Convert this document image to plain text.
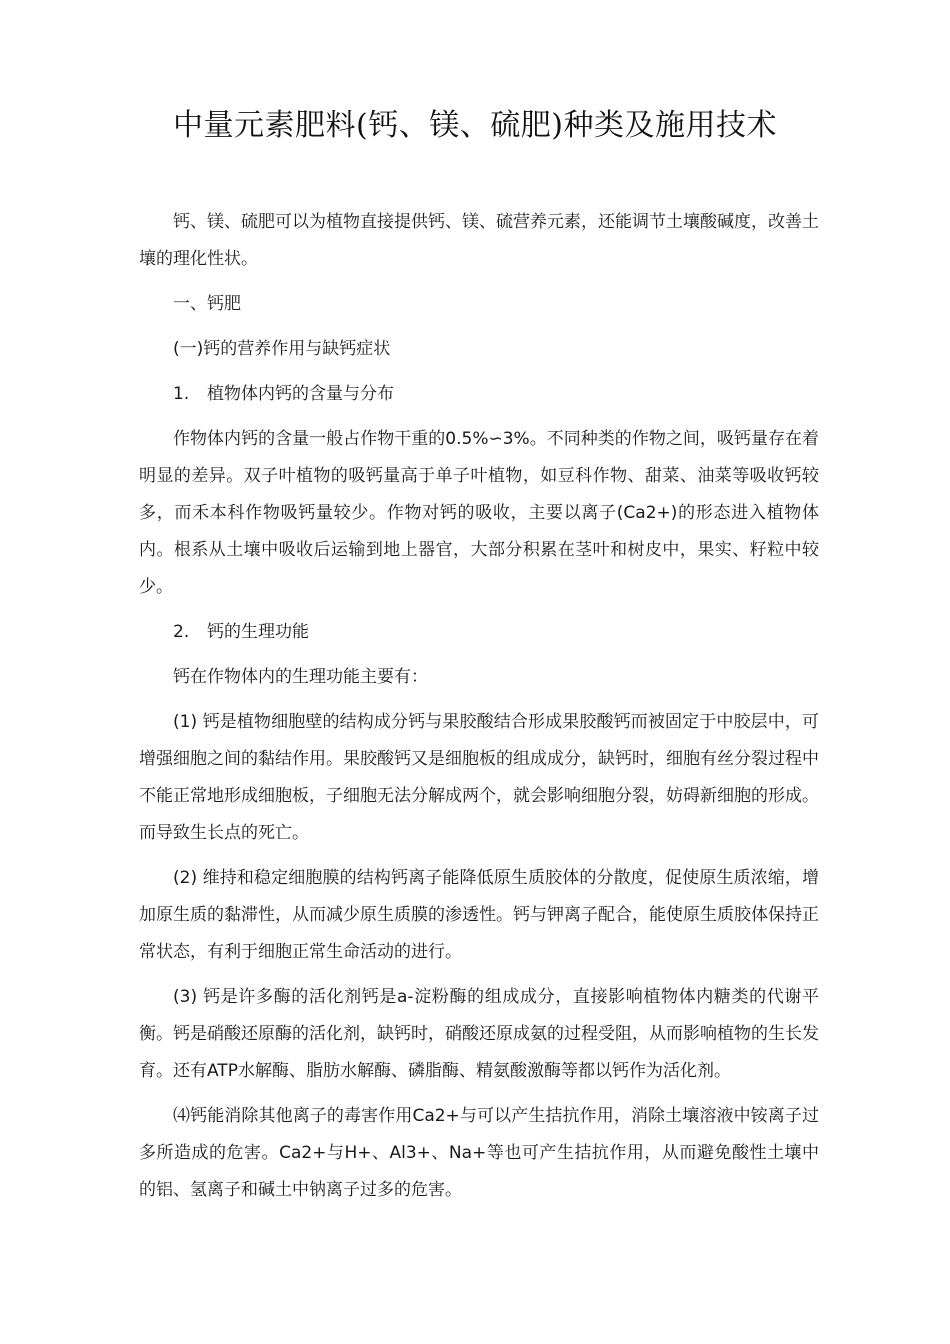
中量元素肥料(钙、镁、硫肥)种类及施用技术

钙、镁、硫肥可以为植物直接提供钙、镁、硫营养元素，还能调节土壤酸碱度，改善土壤的理化性状。

一、钙肥

(一)钙的营养作用与缺钙症状

1. 植物体内钙的含量与分布

作物体内钙的含量一般占作物干重的0.5%∽3%。不同种类的作物之间，吸钙量存在着明显的差异。双子叶植物的吸钙量高于单子叶植物，如豆科作物、甜菜、油菜等吸收钙较多，而禾本科作物吸钙量较少。作物对钙的吸收，主要以离子(Ca2+)的形态进入植物体内。根系从土壤中吸收后运输到地上器官，大部分积累在茎叶和树皮中，果实、籽粒中较少。

2. 钙的生理功能

钙在作物体内的生理功能主要有：

(1) 钙是植物细胞壁的结构成分钙与果胶酸结合形成果胶酸钙而被固定于中胶层中，可增强细胞之间的黏结作用。果胶酸钙又是细胞板的组成成分，缺钙时，细胞有丝分裂过程中不能正常地形成细胞板，子细胞无法分解成两个，就会影响细胞分裂，妨碍新细胞的形成。而导致生长点的死亡。

(2) 维持和稳定细胞膜的结构钙离子能降低原生质胶体的分散度，促使原生质浓缩，增加原生质的黏滞性，从而减少原生质膜的渗透性。钙与钾离子配合，能使原生质胶体保持正常状态，有利于细胞正常生命活动的进行。

(3) 钙是许多酶的活化剂钙是a-淀粉酶的组成成分，直接影响植物体内糖类的代谢平衡。钙是硝酸还原酶的活化剂，缺钙时，硝酸还原成氨的过程受阻，从而影响植物的生长发育。还有ATP水解酶、脂肪水解酶、磷脂酶、精氨酸激酶等都以钙作为活化剂。

⑷钙能消除其他离子的毒害作用Ca2+与可以产生拮抗作用，消除土壤溶液中铵离子过多所造成的危害。Ca2+与H+、Al3+、Na+等也可产生拮抗作用，从而避免酸性土壤中的铝、氢离子和碱土中钠离子过多的危害。
